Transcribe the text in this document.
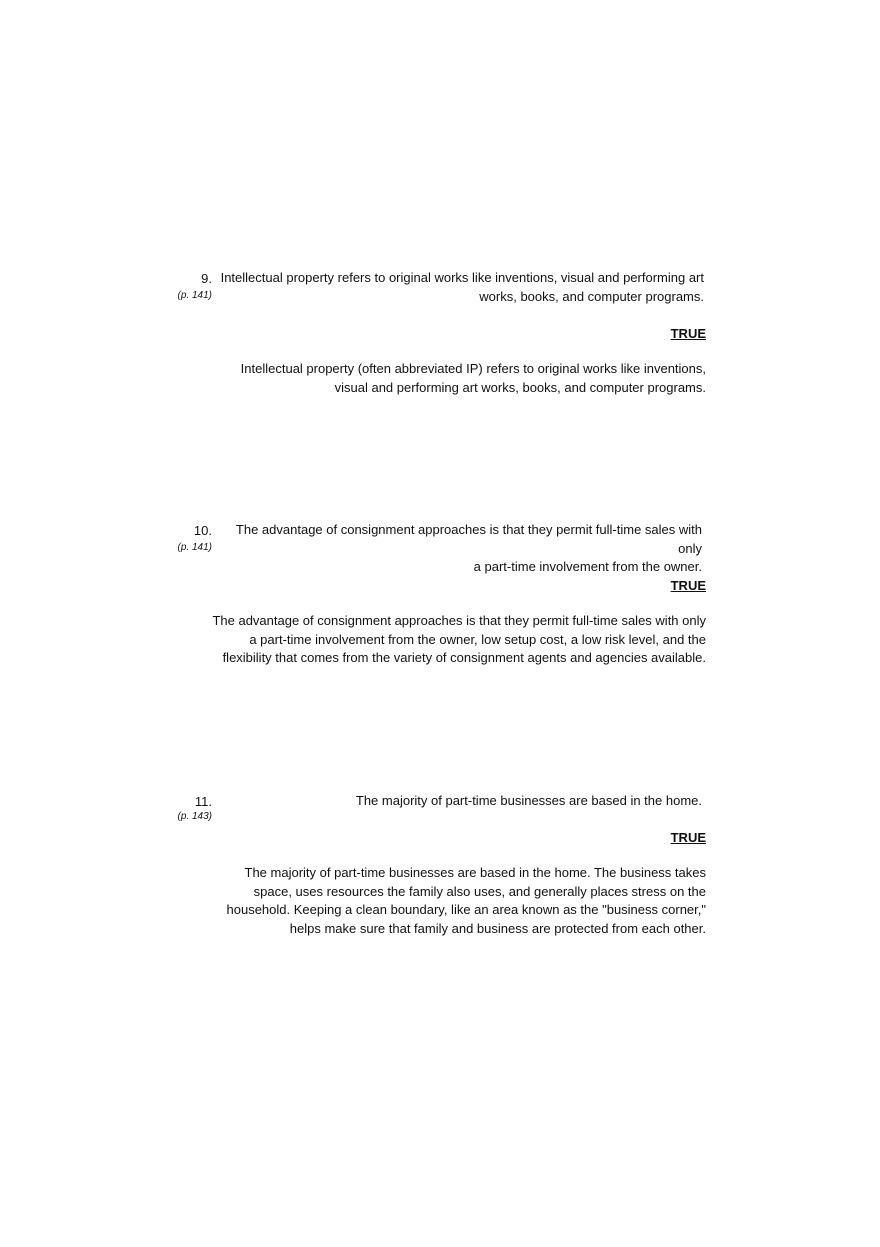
9.
(p. 141)
Intellectual property refers to original works like inventions, visual and performing art
works, books, and computer programs.
TRUE
Intellectual property (often abbreviated IP) refers to original works like inventions,
visual and performing art works, books, and computer programs.
10.
(p. 141)
The advantage of consignment approaches is that they permit full-time sales with only
a part-time involvement from the owner.
TRUE
The advantage of consignment approaches is that they permit full-time sales with only
a part-time involvement from the owner, low setup cost, a low risk level, and the
flexibility that comes from the variety of consignment agents and agencies available.
11.
(p. 143)
The majority of part-time businesses are based in the home.
TRUE
The majority of part-time businesses are based in the home. The business takes
space, uses resources the family also uses, and generally places stress on the
household. Keeping a clean boundary, like an area known as the "business corner,"
helps make sure that family and business are protected from each other.
